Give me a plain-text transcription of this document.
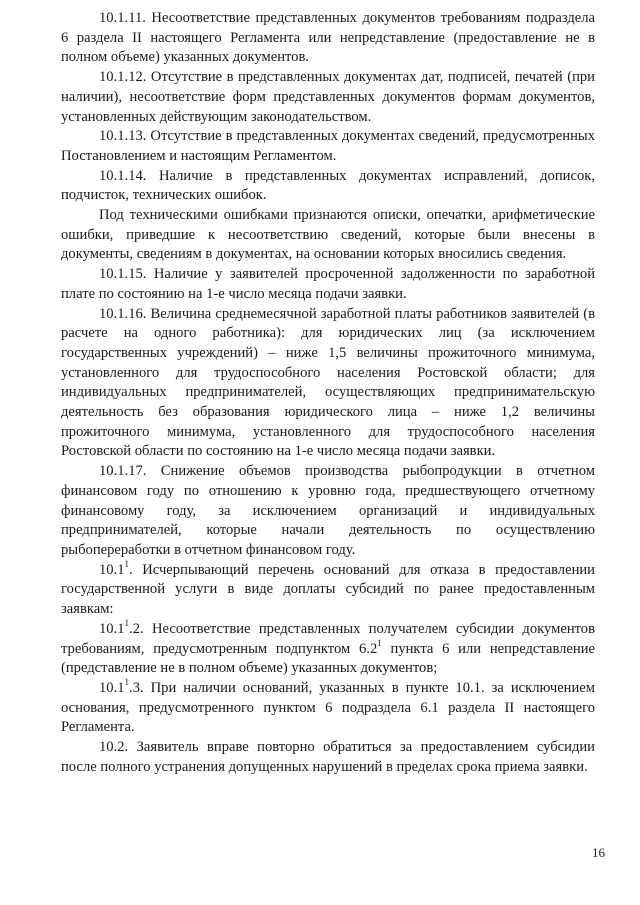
10.1.11. Несоответствие представленных документов требованиям подраздела 6 раздела II настоящего Регламента или непредставление (предоставление не в полном объеме) указанных документов.

10.1.12. Отсутствие в представленных документах дат, подписей, печатей (при наличии), несоответствие форм представленных документов формам документов, установленных действующим законодательством.

10.1.13. Отсутствие в представленных документах сведений, предусмотренных Постановлением и настоящим Регламентом.

10.1.14. Наличие в представленных документах исправлений, дописок, подчисток, технических ошибок.

Под техническими ошибками признаются описки, опечатки, арифметические ошибки, приведшие к несоответствию сведений, которые были внесены в документы, сведениям в документах, на основании которых вносились сведения.

10.1.15. Наличие у заявителей просроченной задолженности по заработной плате по состоянию на 1-е число месяца подачи заявки.

10.1.16. Величина среднемесячной заработной платы работников заявителей (в расчете на одного работника): для юридических лиц (за исключением государственных учреждений) – ниже 1,5 величины прожиточного минимума, установленного для трудоспособного населения Ростовской области; для индивидуальных предпринимателей, осуществляющих предпринимательскую деятельность без образования юридического лица – ниже 1,2 величины прожиточного минимума, установленного для трудоспособного населения Ростовской области по состоянию на 1-е число месяца подачи заявки.

10.1.17. Снижение объемов производства рыбопродукции в отчетном финансовом году по отношению к уровню года, предшествующего отчетному финансовому году, за исключением организаций и индивидуальных предпринимателей, которые начали деятельность по осуществлению рыбопереработки в отчетном финансовом году.

10.1$^1$. Исчерпывающий перечень оснований для отказа в предоставлении государственной услуги в виде доплаты субсидий по ранее предоставленным заявкам:

10.1$^1$.2. Несоответствие представленных получателем субсидии документов требованиям, предусмотренным подпунктом $6.2^1$ пункта 6 или непредставление (представление не в полном объеме) указанных документов;

10.1$^1$.3. При наличии оснований, указанных в пункте 10.1. за исключением основания, предусмотренного пунктом 6 подраздела 6.1 раздела II настоящего Регламента.

10.2. Заявитель вправе повторно обратиться за предоставлением субсидии после полного устранения допущенных нарушений в пределах срока приема заявки.

16
